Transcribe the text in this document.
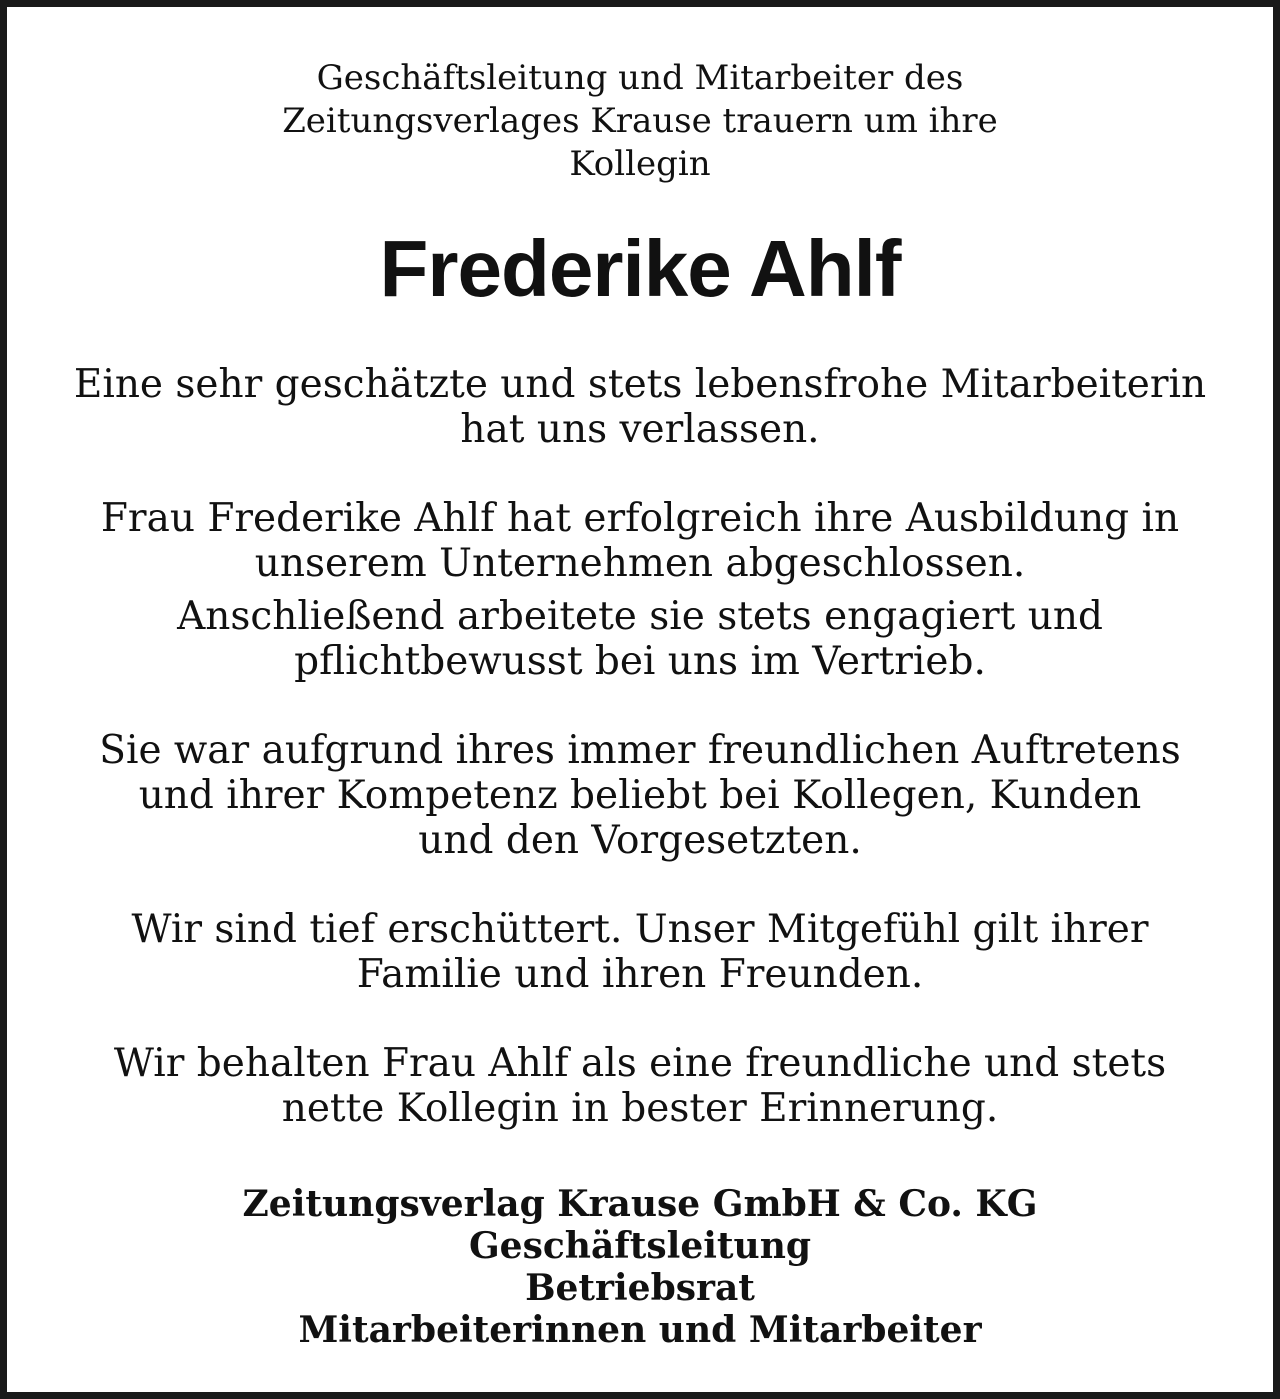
Geschäftsleitung und Mitarbeiter des
Zeitungsverlages Krause trauern um ihre
Kollegin
Frederike Ahlf
Eine sehr geschätzte und stets lebensfrohe Mitarbeiterin
hat uns verlassen.
Frau Frederike Ahlf hat erfolgreich ihre Ausbildung in
unserem Unternehmen abgeschlossen.
Anschließend arbeitete sie stets engagiert und
pflichtbewusst bei uns im Vertrieb.
Sie war aufgrund ihres immer freundlichen Auftretens
und ihrer Kompetenz beliebt bei Kollegen, Kunden
und den Vorgesetzten.
Wir sind tief erschüttert. Unser Mitgefühl gilt ihrer
Familie und ihren Freunden.
Wir behalten Frau Ahlf als eine freundliche und stets
nette Kollegin in bester Erinnerung.
Zeitungsverlag Krause GmbH & Co. KG
Geschäftsleitung
Betriebsrat
Mitarbeiterinnen und Mitarbeiter
